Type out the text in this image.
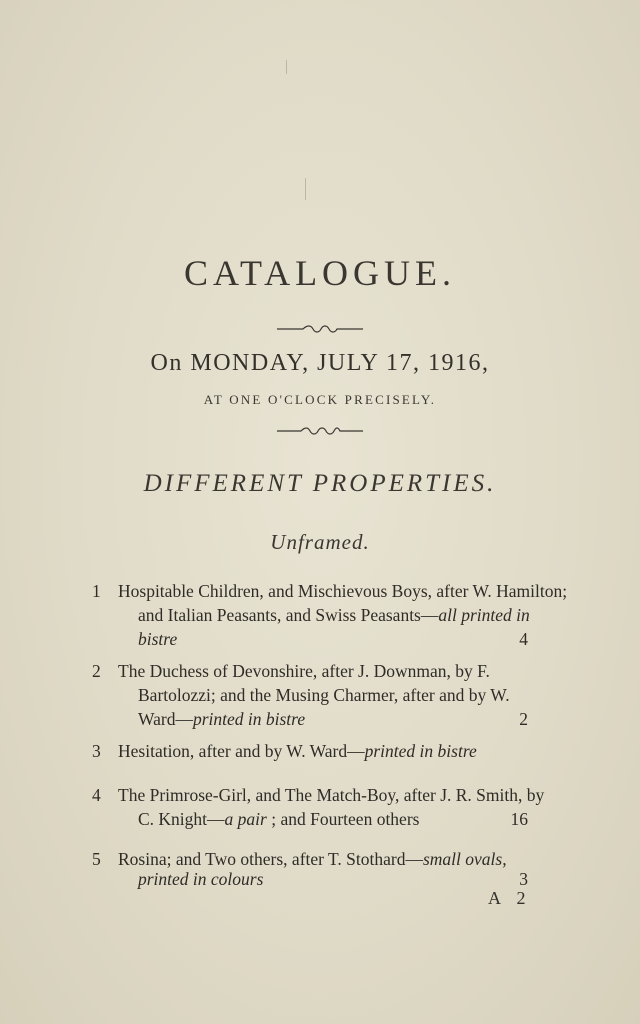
CATALOGUE.
On MONDAY, JULY 17, 1916,
AT ONE O'CLOCK PRECISELY.
DIFFERENT PROPERTIES.
Unframed.
1 Hospitable Children, and Mischievous Boys, after W. Hamilton;
and Italian Peasants, and Swiss Peasants—all printed in
bistre	4
2 The Duchess of Devonshire, after J. Downman, by F.
Bartolozzi; and the Musing Charmer, after and by W.
Ward—printed in bistre	2
3 Hesitation, after and by W. Ward—printed in bistre
4 The Primrose-Girl, and The Match-Boy, after J. R. Smith, by
C. Knight—a pair ; and Fourteen others	16
5 Rosina; and Two others, after T. Stothard—small ovals,
printed in colours	3
A 2
